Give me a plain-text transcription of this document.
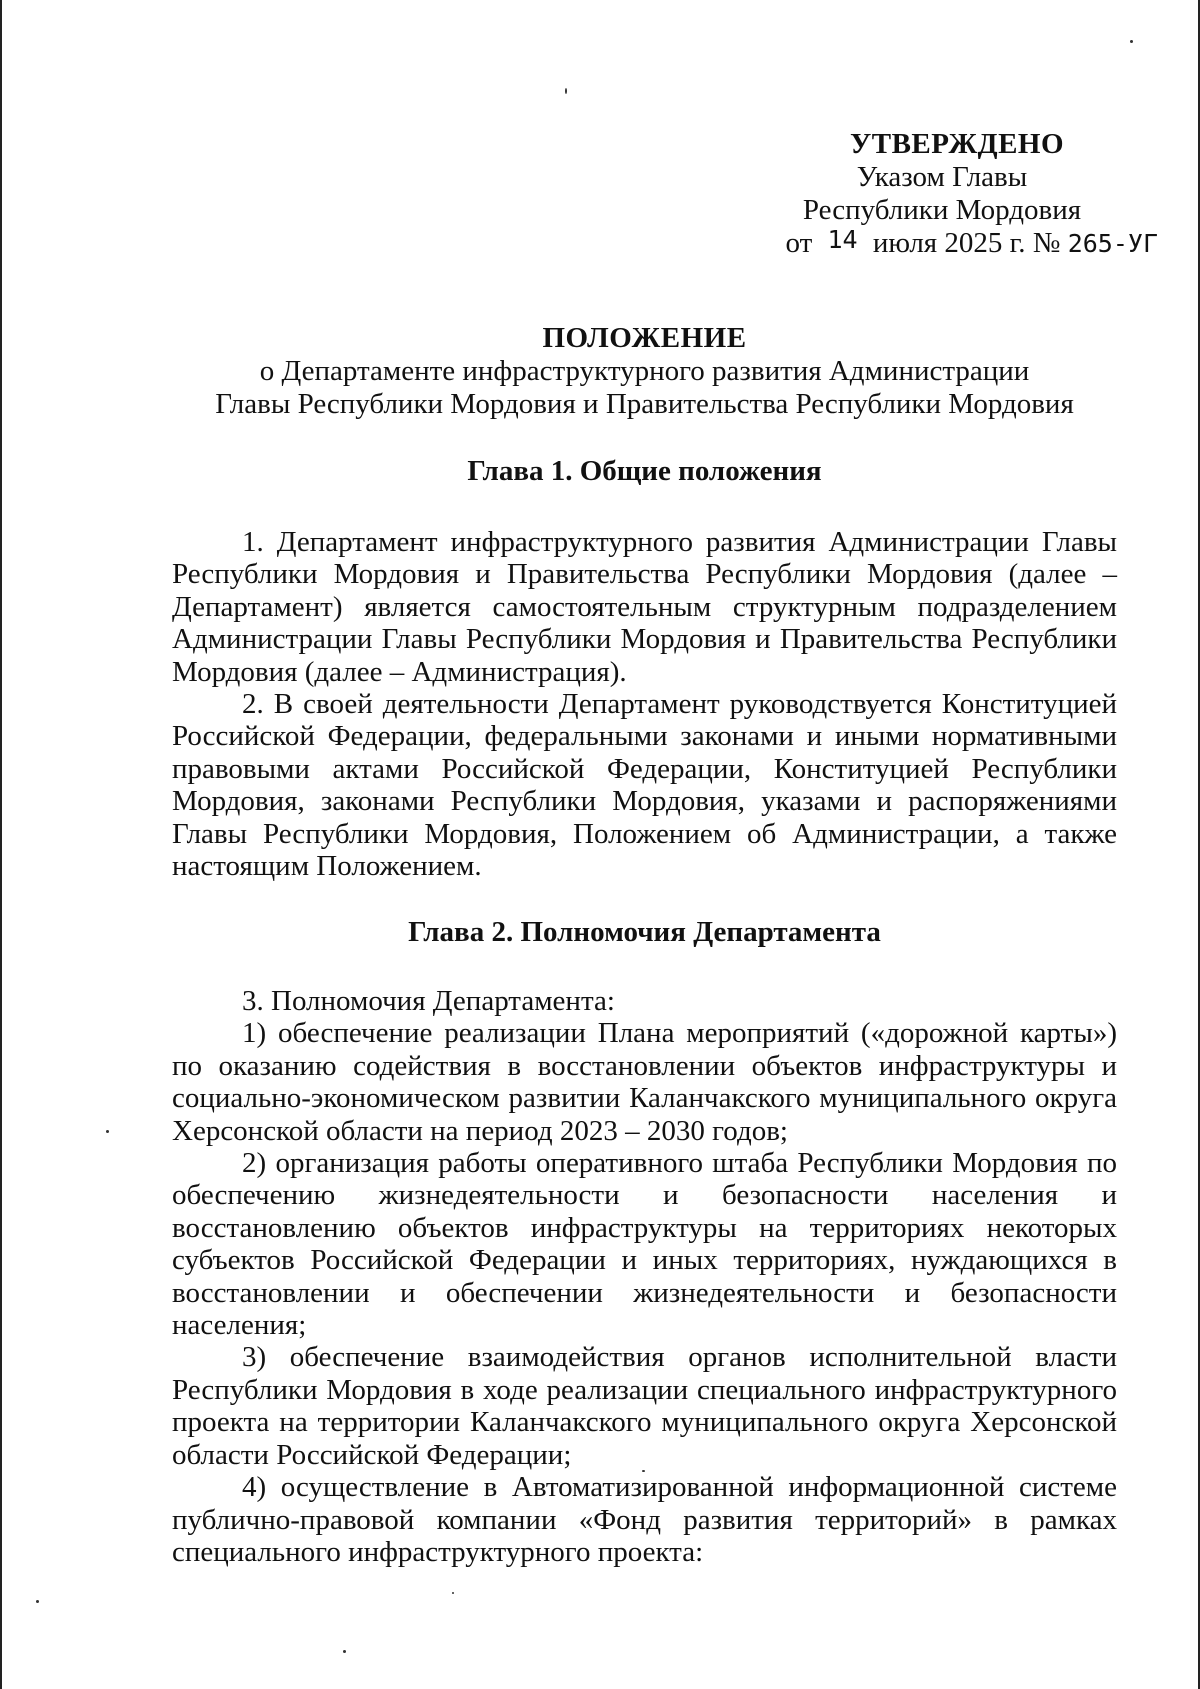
УТВЕРЖДЕНО
Указом Главы
Республики Мордовия
от 14 июля 2025 г. № 265-УГ
ПОЛОЖЕНИЕ
о Департаменте инфраструктурного развития Администрации
Главы Республики Мордовия и Правительства Республики Мордовия
Глава 1. Общие положения

1. Департамент инфраструктурного развития Администрации Главы Республики Мордовия и Правительства Республики Мордовия (далее – Департамент) является самостоятельным структурным подразделением Администрации Главы Республики Мордовия и Правительства Республики Мордовия (далее – Администрация).

2. В своей деятельности Департамент руководствуется Конституцией Российской Федерации, федеральными законами и иными нормативными правовыми актами Российской Федерации, Конституцией Республики Мордовия, законами Республики Мордовия, указами и распоряжениями Главы Республики Мордовия, Положением об Администрации, а также настоящим Положением.

Глава 2. Полномочия Департамента

3. Полномочия Департамента:

1) обеспечение реализации Плана мероприятий («дорожной карты») по оказанию содействия в восстановлении объектов инфраструктуры и социально-экономическом развитии Каланчакского муниципального округа Херсонской области на период 2023 – 2030 годов;

2) организация работы оперативного штаба Республики Мордовия по обеспечению жизнедеятельности и безопасности населения и восстановлению объектов инфраструктуры на территориях некоторых субъектов Российской Федерации и иных территориях, нуждающихся в восстановлении и обеспечении жизнедеятельности и безопасности населения;

3) обеспечение взаимодействия органов исполнительной власти Республики Мордовия в ходе реализации специального инфраструктурного проекта на территории Каланчакского муниципального округа Херсонской области Российской Федерации;

4) осуществление в Автоматизированной информационной системе публично-правовой компании «Фонд развития территорий» в рамках специального инфраструктурного проекта:
